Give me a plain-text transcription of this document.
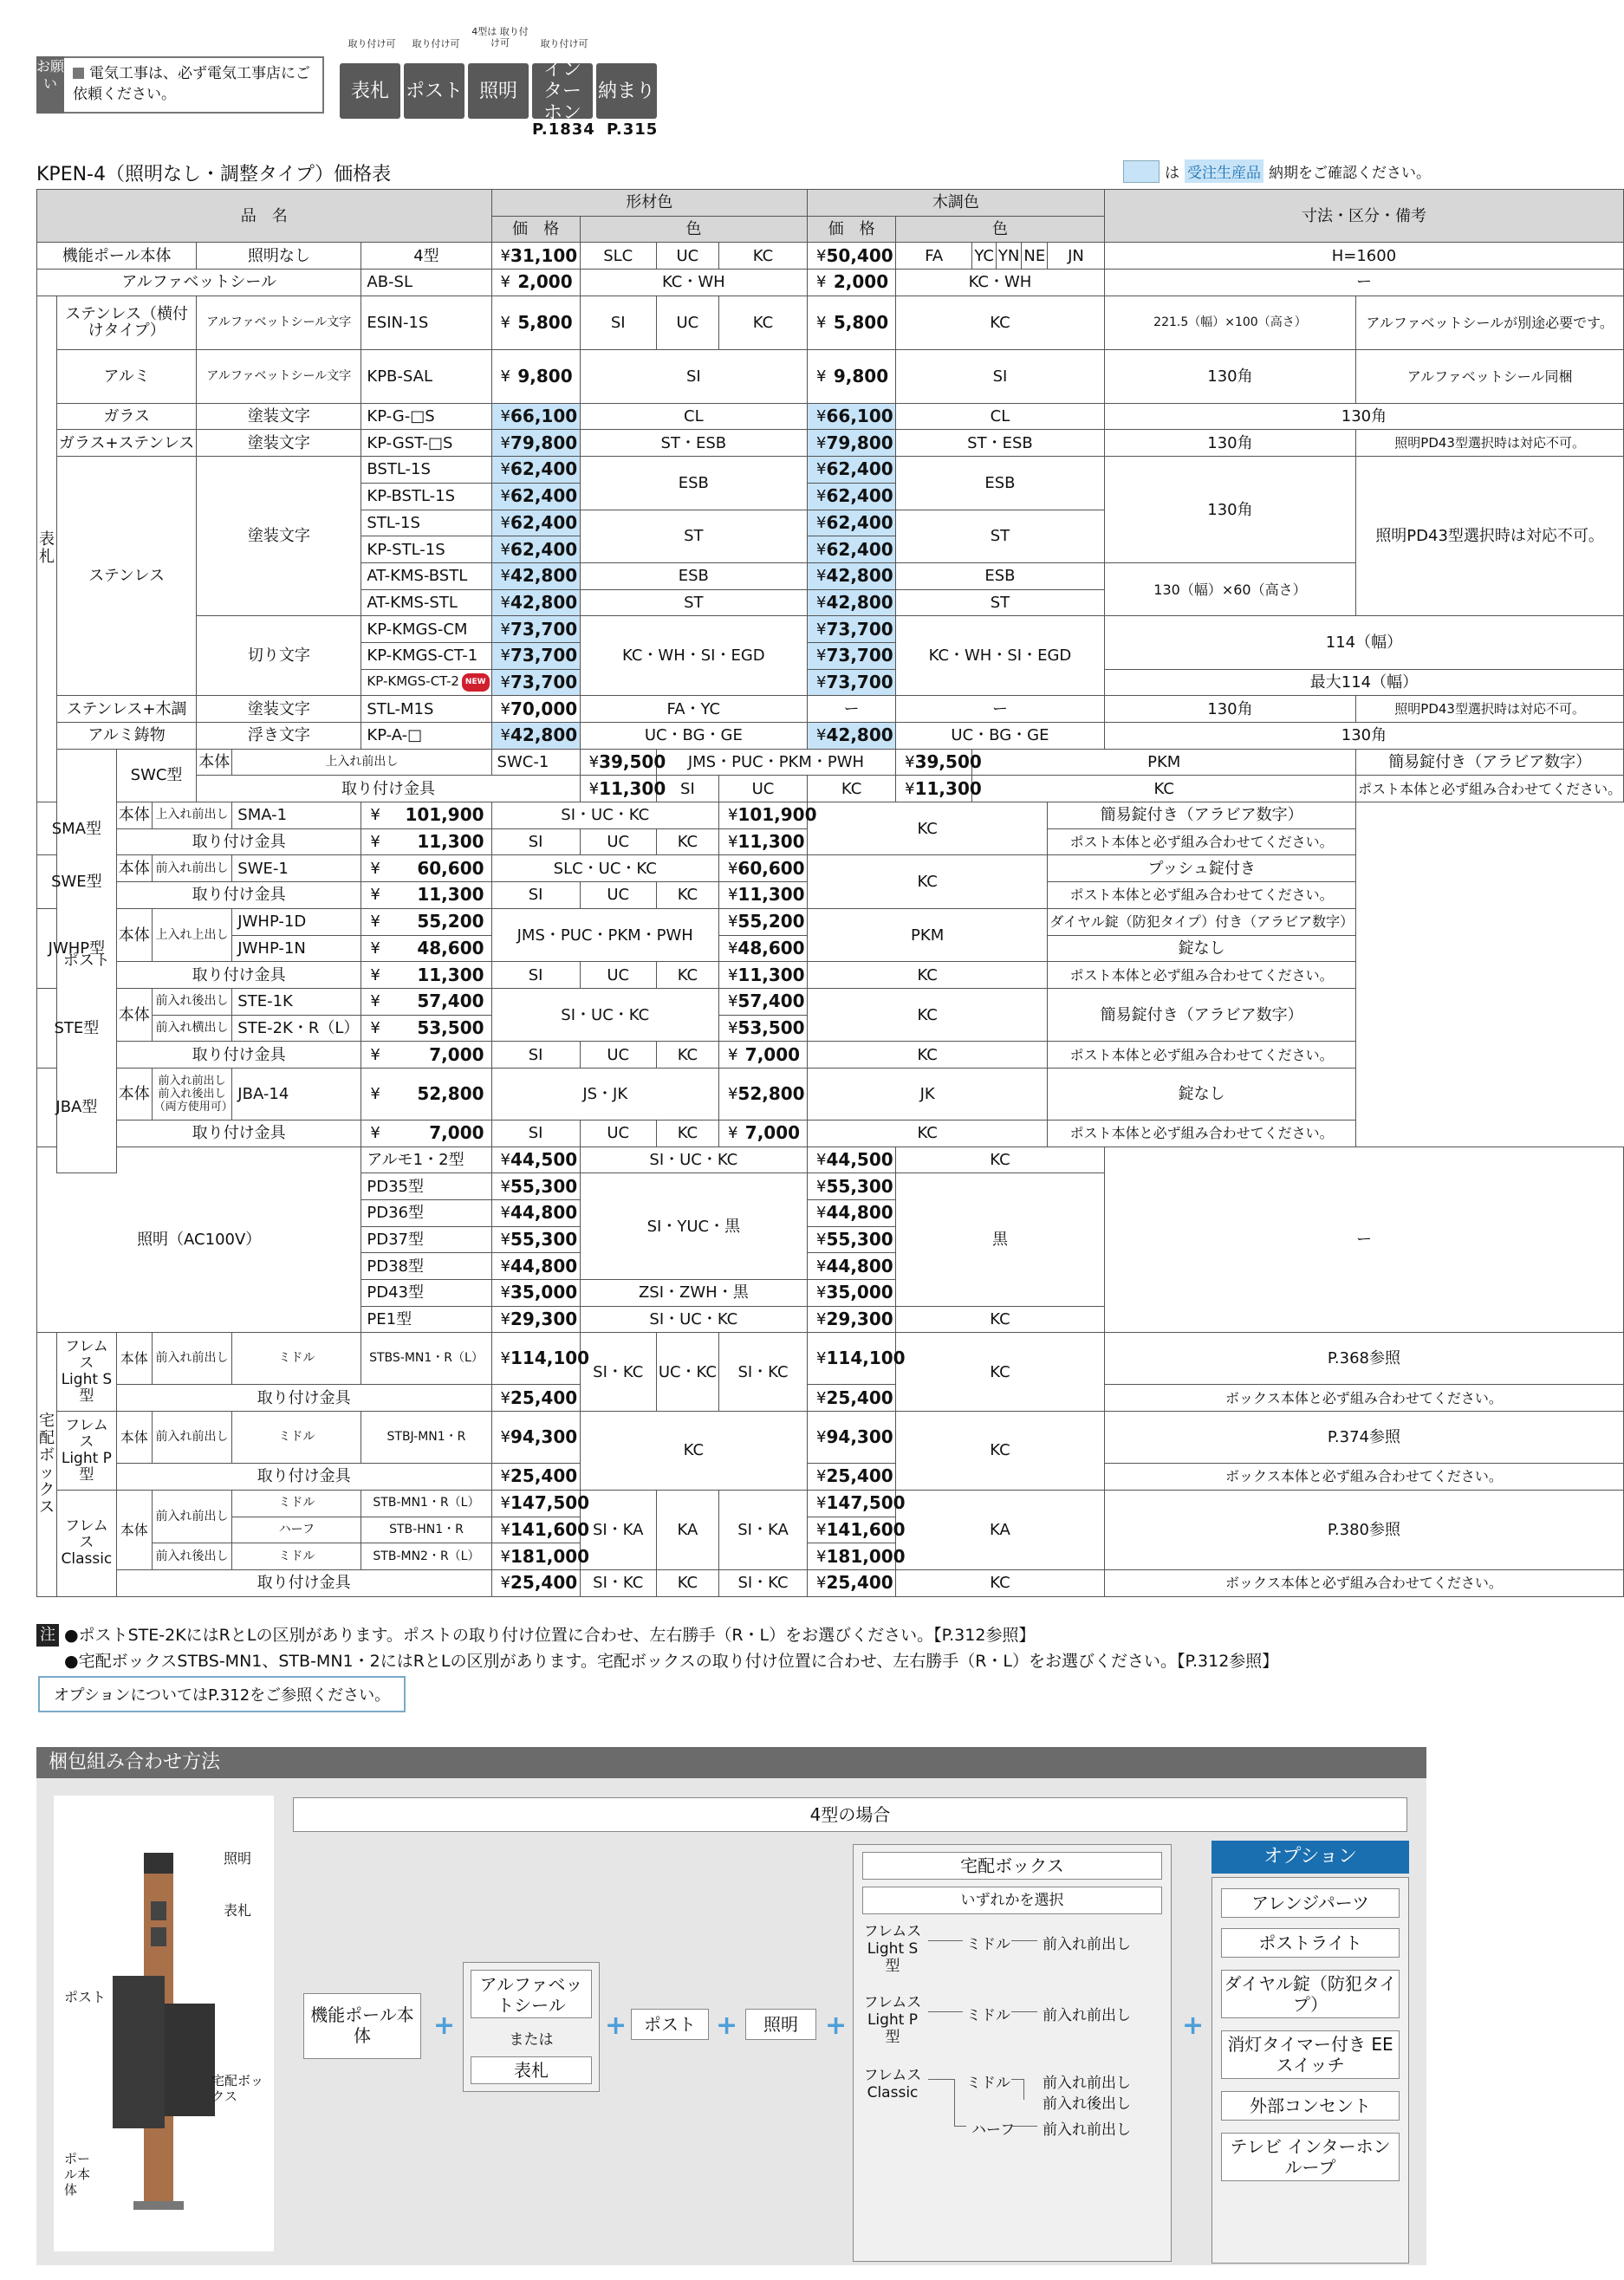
お願い
電気工事は、必ず電気工事店にご依頼ください。
取り付け可	取り付け可
4型は 取り付け可	取り付け可
表札 ポスト 照明
インターホン
納まり
P.1834 P.315
KPEN-4（照明なし・調整タイプ）価格表	は 受注生産品 納期をご確認ください。
品　名							形材色				木調色						寸法・区分・備考	
							価　格	色			価　格	色						
機能ポール本体				照明なし		4型	¥ 31,100	SLC	UC	KC	¥ 50,400	FA	YC	YN	NE	JN	H=1600	
アルファベットシール						AB-SL	¥ 2,000	KC・WH			¥ 2,000	KC・WH					ー	
表札	ステンレス（横付けタイプ）			アルファベットシール文字		ESIN-1S	¥ 5,800	SI	UC	KC	¥ 5,800	KC					221.5（幅）×100（高さ）	アルファベットシールが別途必要です。
	アルミ			アルファベットシール文字		KPB-SAL	¥ 9,800	SI			¥ 9,800	SI					130角	アルファベットシール同梱
	ガラス			塗装文字		KP-G-□S	¥ 66,100	CL			¥ 66,100	CL					130角	
	ガラス+ステンレス			塗装文字		KP-GST-□S	¥ 79,800	ST・ESB			¥ 79,800	ST・ESB					130角	照明PD43型選択時は対応不可。
	ステンレス			塗装文字		BSTL-1S	¥ 62,400	ESB			¥ 62,400	ESB					130角	照明PD43型選択時は対応不可。
						KP-BSTL-1S	¥ 62,400				¥ 62,400							
						STL-1S	¥ 62,400	ST			¥ 62,400	ST						
						KP-STL-1S	¥ 62,400				¥ 62,400							
						AT-KMS-BSTL	¥ 42,800	ESB			¥ 42,800	ESB					130（幅）×60（高さ）	
						AT-KMS-STL	¥ 42,800	ST			¥ 42,800	ST						
				切り文字		KP-KMGS-CM	¥ 73,700	KC・WH・SI・EGD			¥ 73,700	KC・WH・SI・EGD					114（幅）	
						KP-KMGS-CT-1	¥ 73,700				¥ 73,700							
						KP-KMGS-CT-2 NEW	¥ 73,700				¥ 73,700						最大114（幅）	
	ステンレス+木調			塗装文字		STL-M1S	¥ 70,000	FA・YC			ー	ー					130角	照明PD43型選択時は対応不可。
	アルミ鋳物			浮き文字		KP-A-□	¥ 42,800	UC・BG・GE			¥ 42,800	UC・BG・GE					130角	
	ポスト	SWC型		本体	上入れ前出し		SWC-1	¥ 39,500	JMS・PUC・PKM・PWH			¥ 39,500	PKM					簡易錠付き（アラビア数字）
				取り付け金具				¥ 11,300	SI	UC	KC	¥ 11,300	KC					ポスト本体と必ず組み合わせてください。
SMA型		本体	上入れ前出し		SMA-1	¥ 101,900	SI・UC・KC			¥ 101,900	KC					簡易錠付き（アラビア数字）		
		取り付け金具				¥ 11,300	SI	UC	KC	¥ 11,300						ポスト本体と必ず組み合わせてください。		
SWE型		本体	前入れ前出し		SWE-1	¥ 60,600	SLC・UC・KC			¥ 60,600	KC					プッシュ錠付き		
		取り付け金具				¥ 11,300	SI	UC	KC	¥ 11,300						ポスト本体と必ず組み合わせてください。		
JWHP型		本体	上入れ上出し		JWHP-1D	¥ 55,200	JMS・PUC・PKM・PWH			¥ 55,200	PKM					ダイヤル錠（防犯タイプ）付き（アラビア数字）		
					JWHP-1N	¥ 48,600				¥ 48,600						錠なし		
		取り付け金具				¥ 11,300	SI	UC	KC	¥ 11,300	KC					ポスト本体と必ず組み合わせてください。		
STE型		本体	前入れ後出し		STE-1K	¥ 57,400	SI・UC・KC			¥ 57,400	KC					簡易錠付き（アラビア数字）		
			前入れ横出し		STE-2K・R（L）	¥ 53,500				¥ 53,500								
		取り付け金具				¥ 7,000	SI	UC	KC	¥ 7,000	KC					ポスト本体と必ず組み合わせてください。		
JBA型		本体	前入れ前出し 前入れ後出し（両方使用可）		JBA-14	¥ 52,800	JS・JK			¥ 52,800	JK					錠なし		
		取り付け金具				¥ 7,000	SI	UC	KC	¥ 7,000	KC					ポスト本体と必ず組み合わせてください。		
照明（AC100V）						アルモ1・2型	¥ 44,500	SI・UC・KC			¥ 44,500	KC					ー	
						PD35型	¥ 55,300	SI・YUC・黒			¥ 55,300	黒						
						PD36型	¥ 44,800				¥ 44,800							
						PD37型	¥ 55,300				¥ 55,300							
						PD38型	¥ 44,800				¥ 44,800							
						PD43型	¥ 35,000	ZSI・ZWH・黒			¥ 35,000							
						PE1型	¥ 29,300	SI・UC・KC			¥ 29,300	KC						
宅配ボックス	フレムス Light S型	本体	前入れ前出し		ミドル	STBS-MN1・R（L）	¥ 114,100	SI・KC	UC・KC	SI・KC	¥ 114,100	KC					P.368参照	
		取り付け金具					¥ 25,400				¥ 25,400						ボックス本体と必ず組み合わせてください。	
	フレムス Light P型	本体	前入れ前出し		ミドル	STBJ-MN1・R	¥ 94,300	KC			¥ 94,300	KC					P.374参照	
		取り付け金具					¥ 25,400				¥ 25,400						ボックス本体と必ず組み合わせてください。	
	フレムス Classic	本体	前入れ前出し		ミドル	STB-MN1・R（L）	¥ 147,500	SI・KA	KA	SI・KA	¥ 147,500	KA					P.380参照	
					ハーフ	STB-HN1・R	¥ 141,600				¥ 141,600							
			前入れ後出し		ミドル	STB-MN2・R（L）	¥ 181,000				¥ 181,000							
		取り付け金具					¥ 25,400	SI・KC	KC	SI・KC	¥ 25,400	KC					ボックス本体と必ず組み合わせてください。	
注 ●ポストSTE-2KにはRとLの区別があります。ポストの取り付け位置に合わせ、左右勝手（R・L）をお選びください。【P.312参照】
●宅配ボックスSTBS-MN1、STB-MN1・2にはRとLの区別があります。宅配ボックスの取り付け位置に合わせ、左右勝手（R・L）をお選びください。【P.312参照】
オプションについてはP.312をご参照ください。
梱包組み合わせ方法
照明
表札
ポスト
宅配ボックス
ポール本体
4型の場合
機能ポール本体	+
アルファベットシール
または
表札
+ ポスト +	照明	+
宅配ボックス
いずれかを選択
フレムス Light S型
ミドル 前入れ前出し
フレムス Light P型
ミドル 前入れ前出し
フレムス Classic
ミドル 前入れ前出し
前入れ後出し
ハーフ 前入れ前出し
+
オプション
アレンジパーツ
ポストライト
ダイヤル錠（防犯タイプ）
消灯タイマー付き EEスイッチ
外部コンセント
テレビ インターホンループ
